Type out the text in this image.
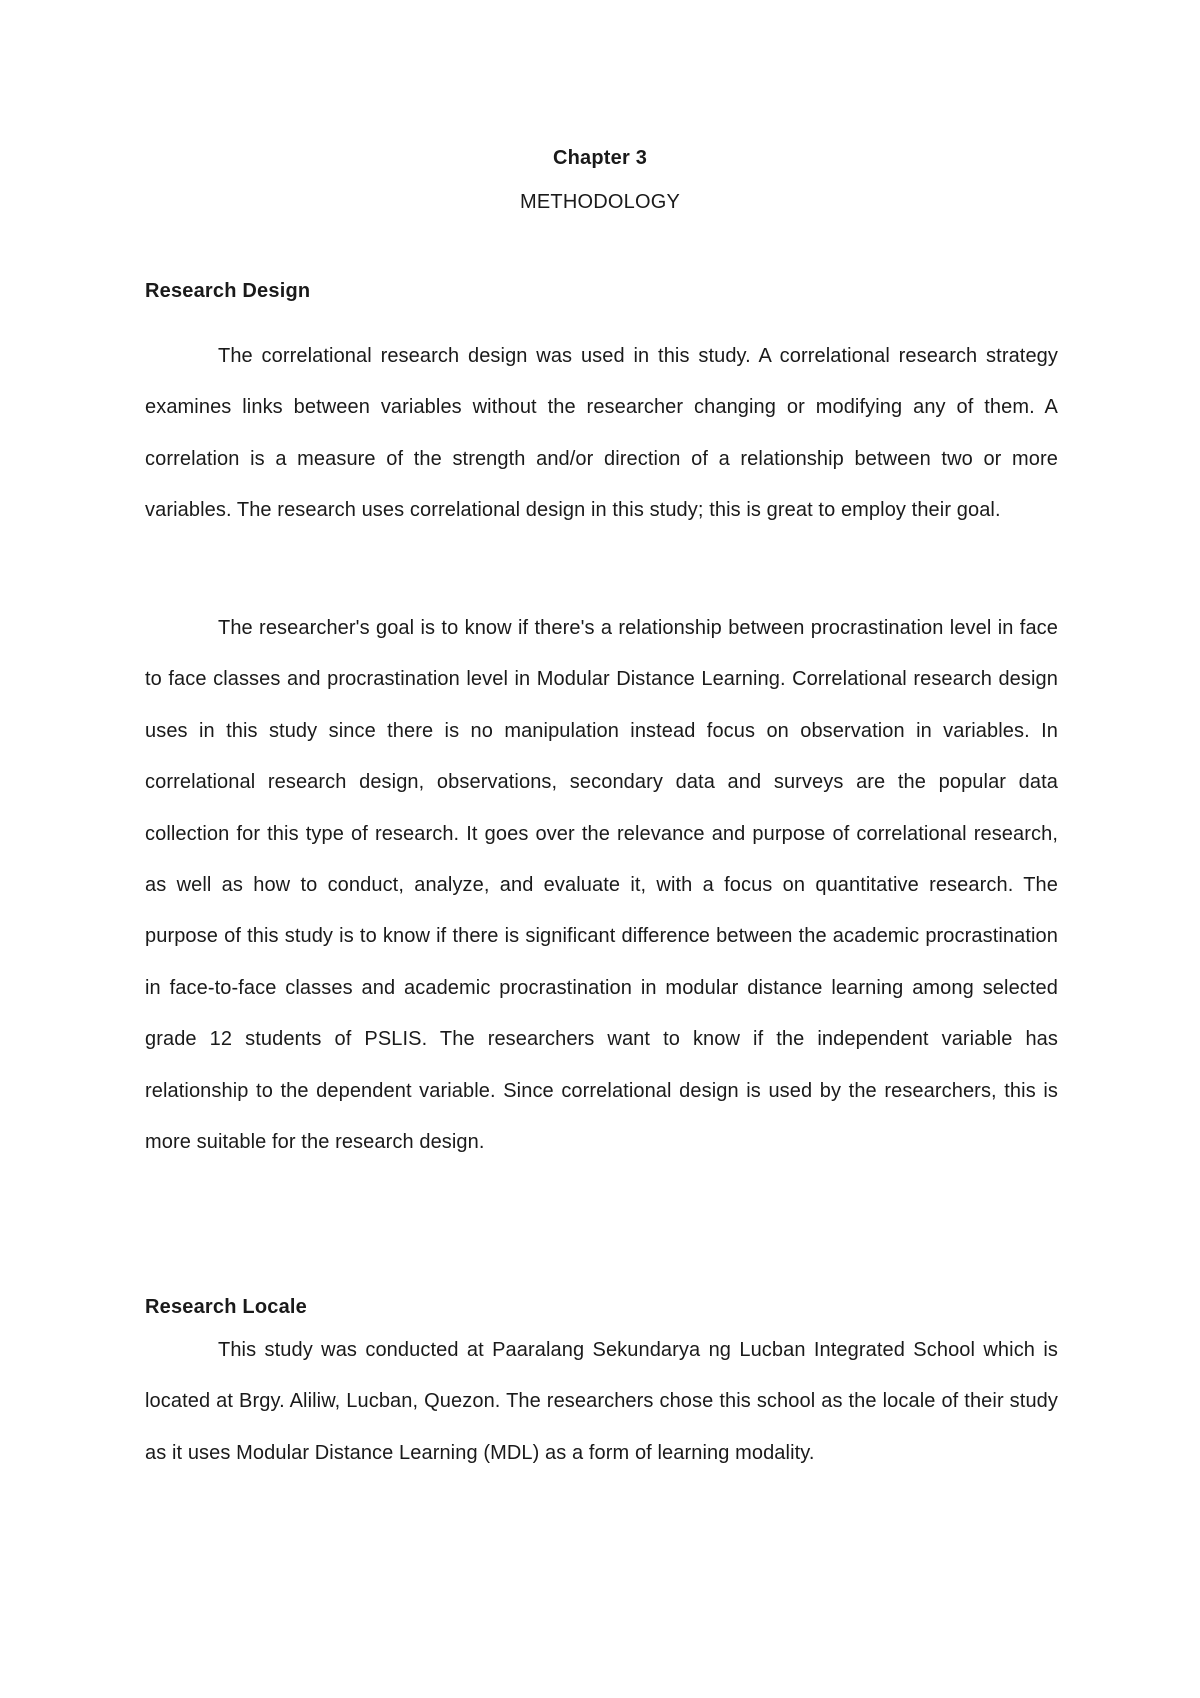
Chapter 3
METHODOLOGY
Research Design

The correlational research design was used in this study. A correlational research strategy examines links between variables without the researcher changing or modifying any of them. A correlation is a measure of the strength and/or direction of a relationship between two or more variables. The research uses correlational design in this study; this is great to employ their goal.

The researcher's goal is to know if there's a relationship between procrastination level in face to face classes and procrastination level in Modular Distance Learning. Correlational research design uses in this study since there is no manipulation instead focus on observation in variables. In correlational research design, observations, secondary data and surveys are the popular data collection for this type of research. It goes over the relevance and purpose of correlational research, as well as how to conduct, analyze, and evaluate it, with a focus on quantitative research. The purpose of this study is to know if there is significant difference between the academic procrastination in face-to-face classes and academic procrastination in modular distance learning among selected grade 12 students of PSLIS. The researchers want to know if the independent variable has relationship to the dependent variable. Since correlational design is used by the researchers, this is more suitable for the research design.

Research Locale

This study was conducted at Paaralang Sekundarya ng Lucban Integrated School which is located at Brgy. Aliliw, Lucban, Quezon. The researchers chose this school as the locale of their study as it uses Modular Distance Learning (MDL) as a form of learning modality.
